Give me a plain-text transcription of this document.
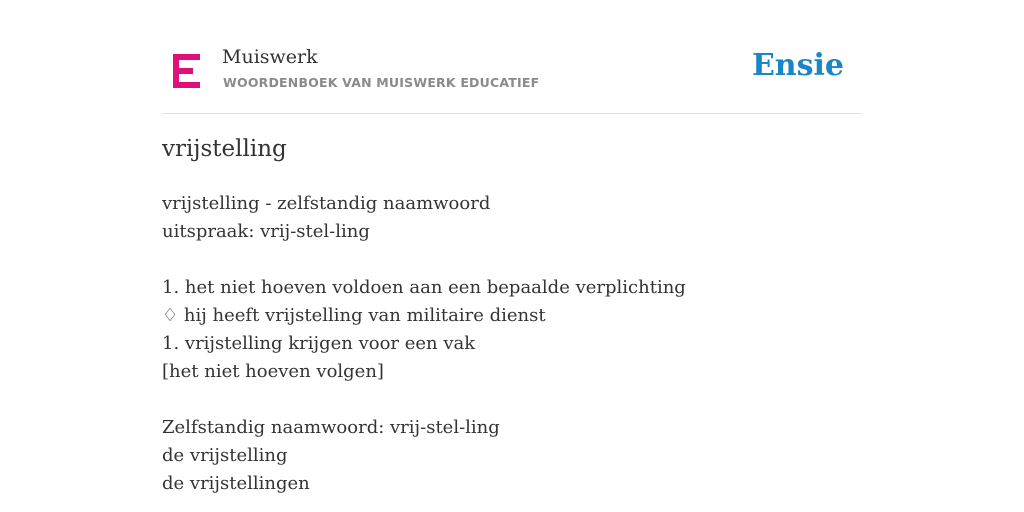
Muiswerk
WOORDENBOEK VAN MUISWERK EDUCATIEF	Ensie
vrijstelling
vrijstelling - zelfstandig naamwoord
uitspraak: vrij-stel-ling
1. het niet hoeven voldoen aan een bepaalde verplichting
♢ hij heeft vrijstelling van militaire dienst
1. vrijstelling krijgen voor een vak
[het niet hoeven volgen]
Zelfstandig naamwoord: vrij-stel-ling
de vrijstelling
de vrijstellingen
